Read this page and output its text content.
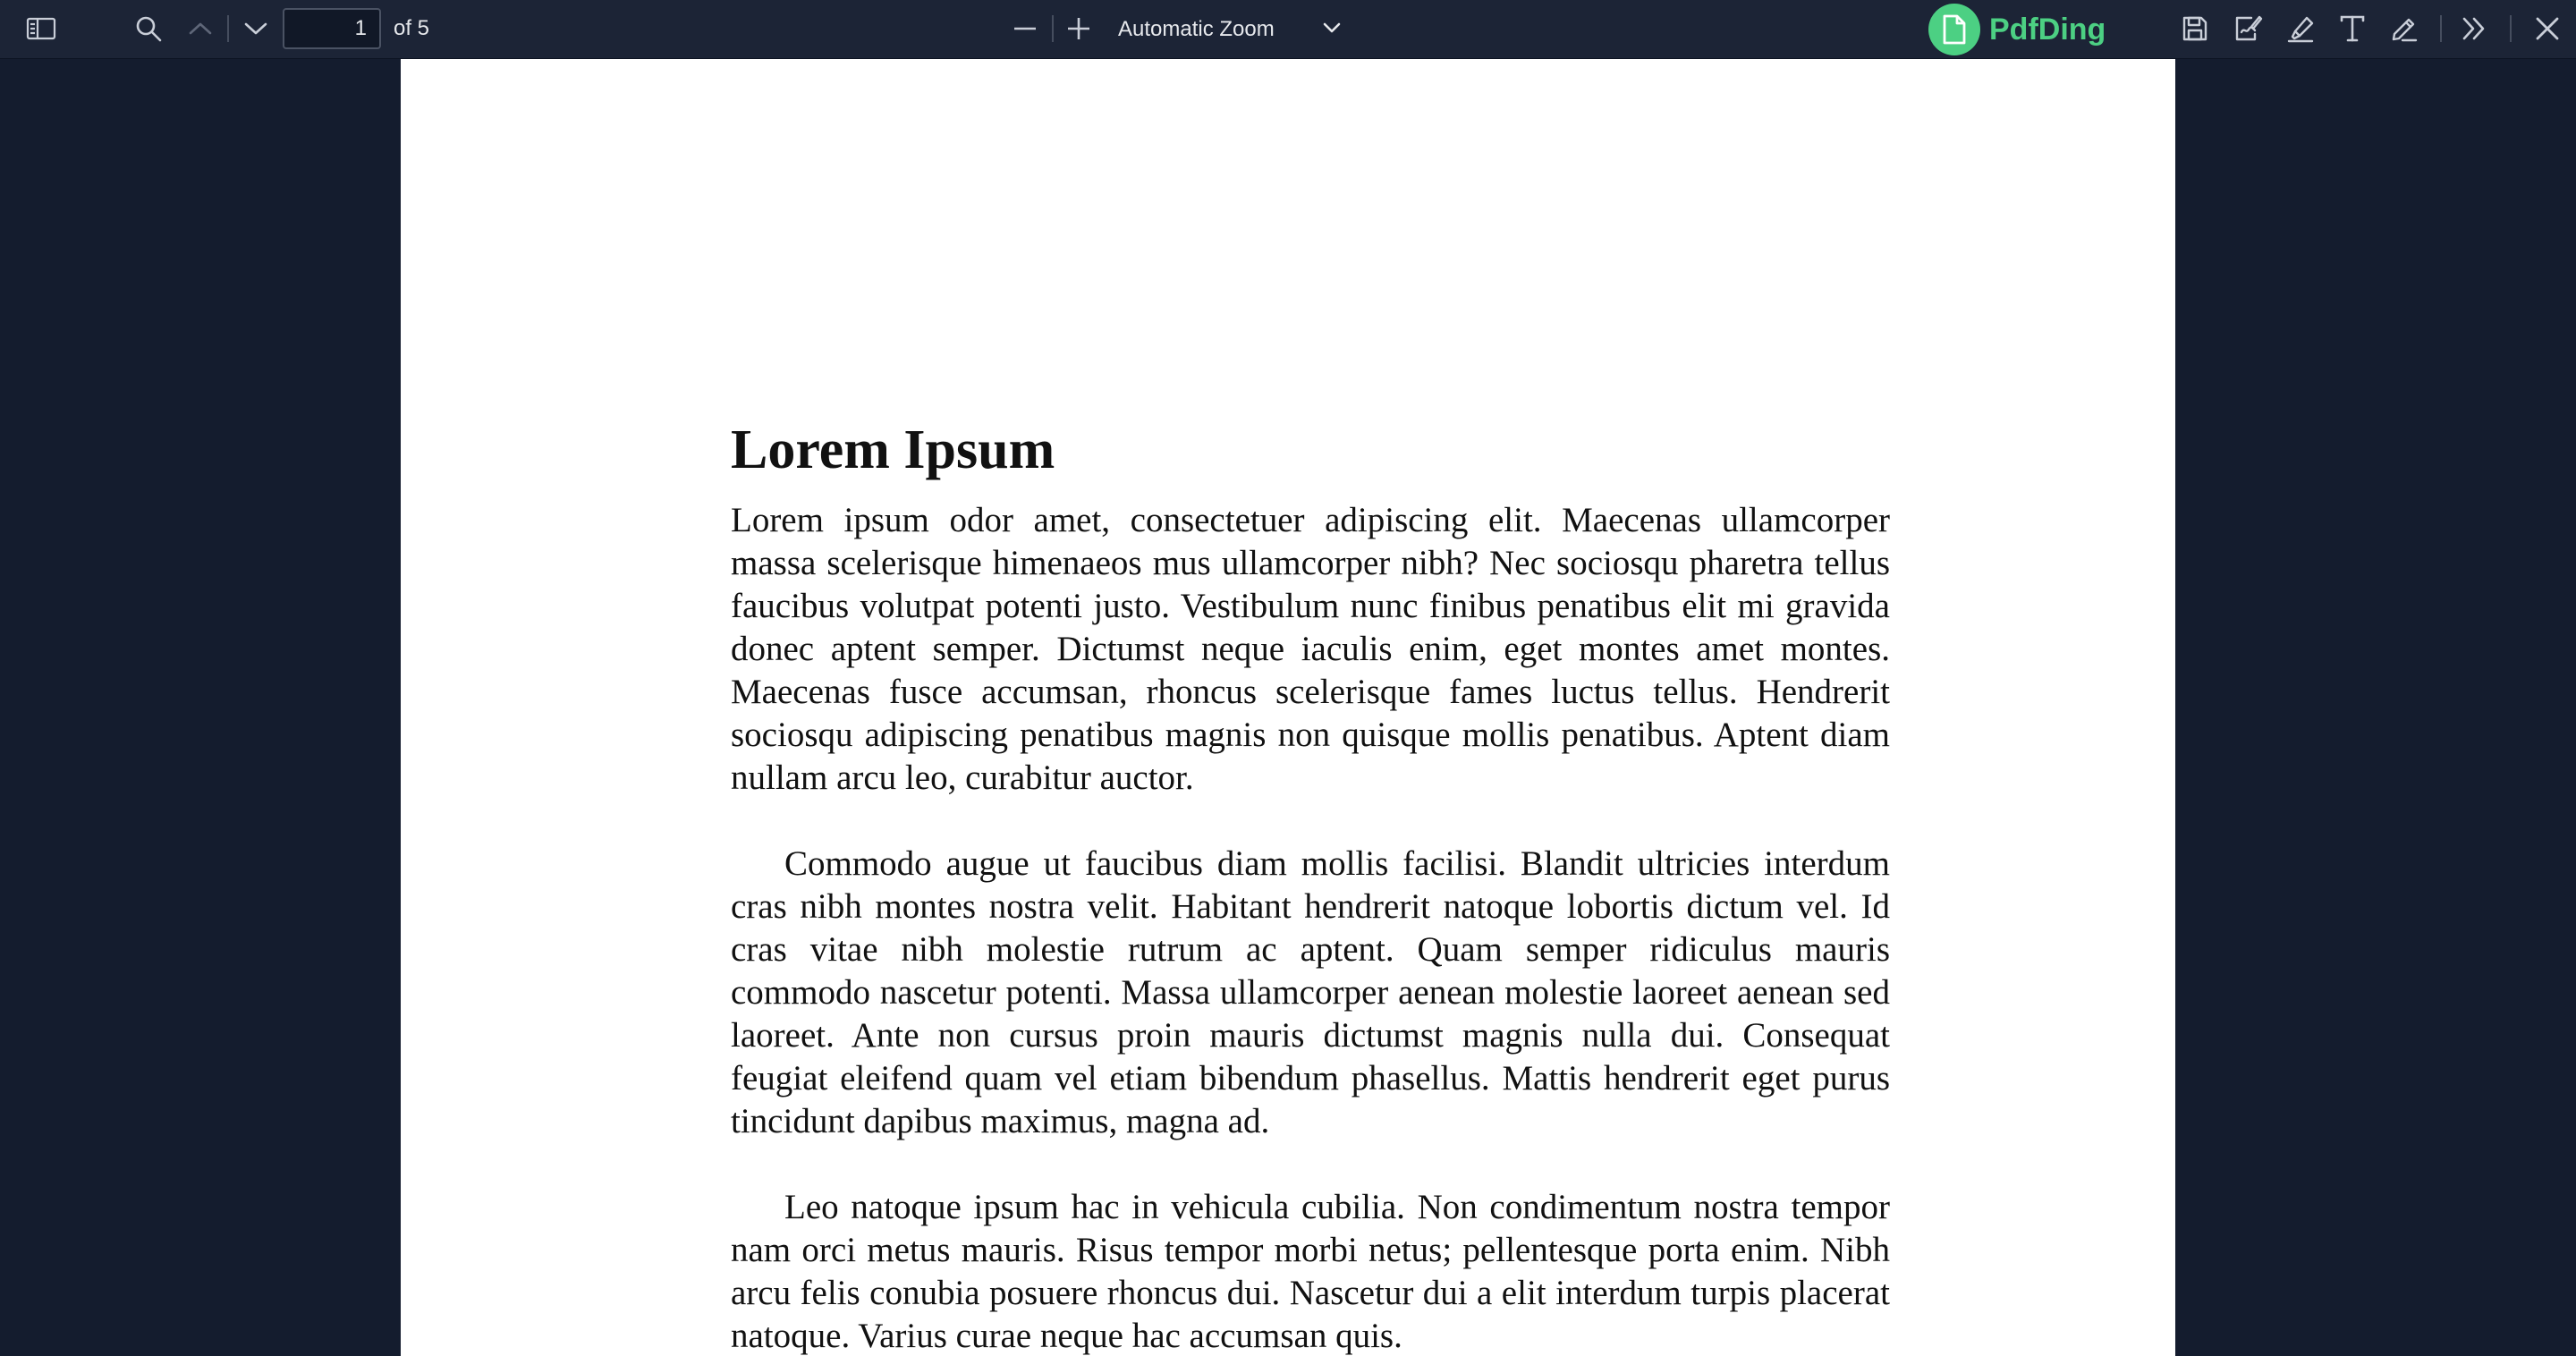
1
of 5	Automatic Zoom	PdfDing
Lorem Ipsum

Lorem ipsum odor amet, consectetuer adipiscing elit. Maecenas ullamcorper massa scelerisque himenaeos mus ullamcorper nibh? Nec sociosqu pharetra tellus faucibus volutpat potenti justo. Vestibulum nunc finibus penatibus elit mi gravida donec aptent semper. Dictumst neque iaculis enim, eget montes amet montes. Maecenas fusce accumsan, rhoncus scelerisque fames luctus tellus. Hendrerit sociosqu adipiscing penatibus magnis non quisque mollis penatibus. Aptent diam nullam arcu leo, curabitur auctor.

Commodo augue ut faucibus diam mollis facilisi. Blandit ultricies interdum cras nibh montes nostra velit. Habitant hendrerit natoque lobortis dictum vel. Id cras vitae nibh molestie rutrum ac aptent. Quam semper ridiculus mauris commodo nascetur potenti. Massa ullamcorper aenean molestie laoreet aenean sed laoreet. Ante non cursus proin mauris dictumst magnis nulla dui. Consequat feugiat eleifend quam vel etiam bibendum phasellus. Mattis hendrerit eget purus tincidunt dapibus maximus, magna ad.

Leo natoque ipsum hac in vehicula cubilia. Non condimentum nostra tempor nam orci metus mauris. Risus tempor morbi netus; pellentesque porta enim. Nibh arcu felis conubia posuere rhoncus dui. Nascetur dui a elit interdum turpis placerat natoque. Varius curae neque hac accumsan quis.
